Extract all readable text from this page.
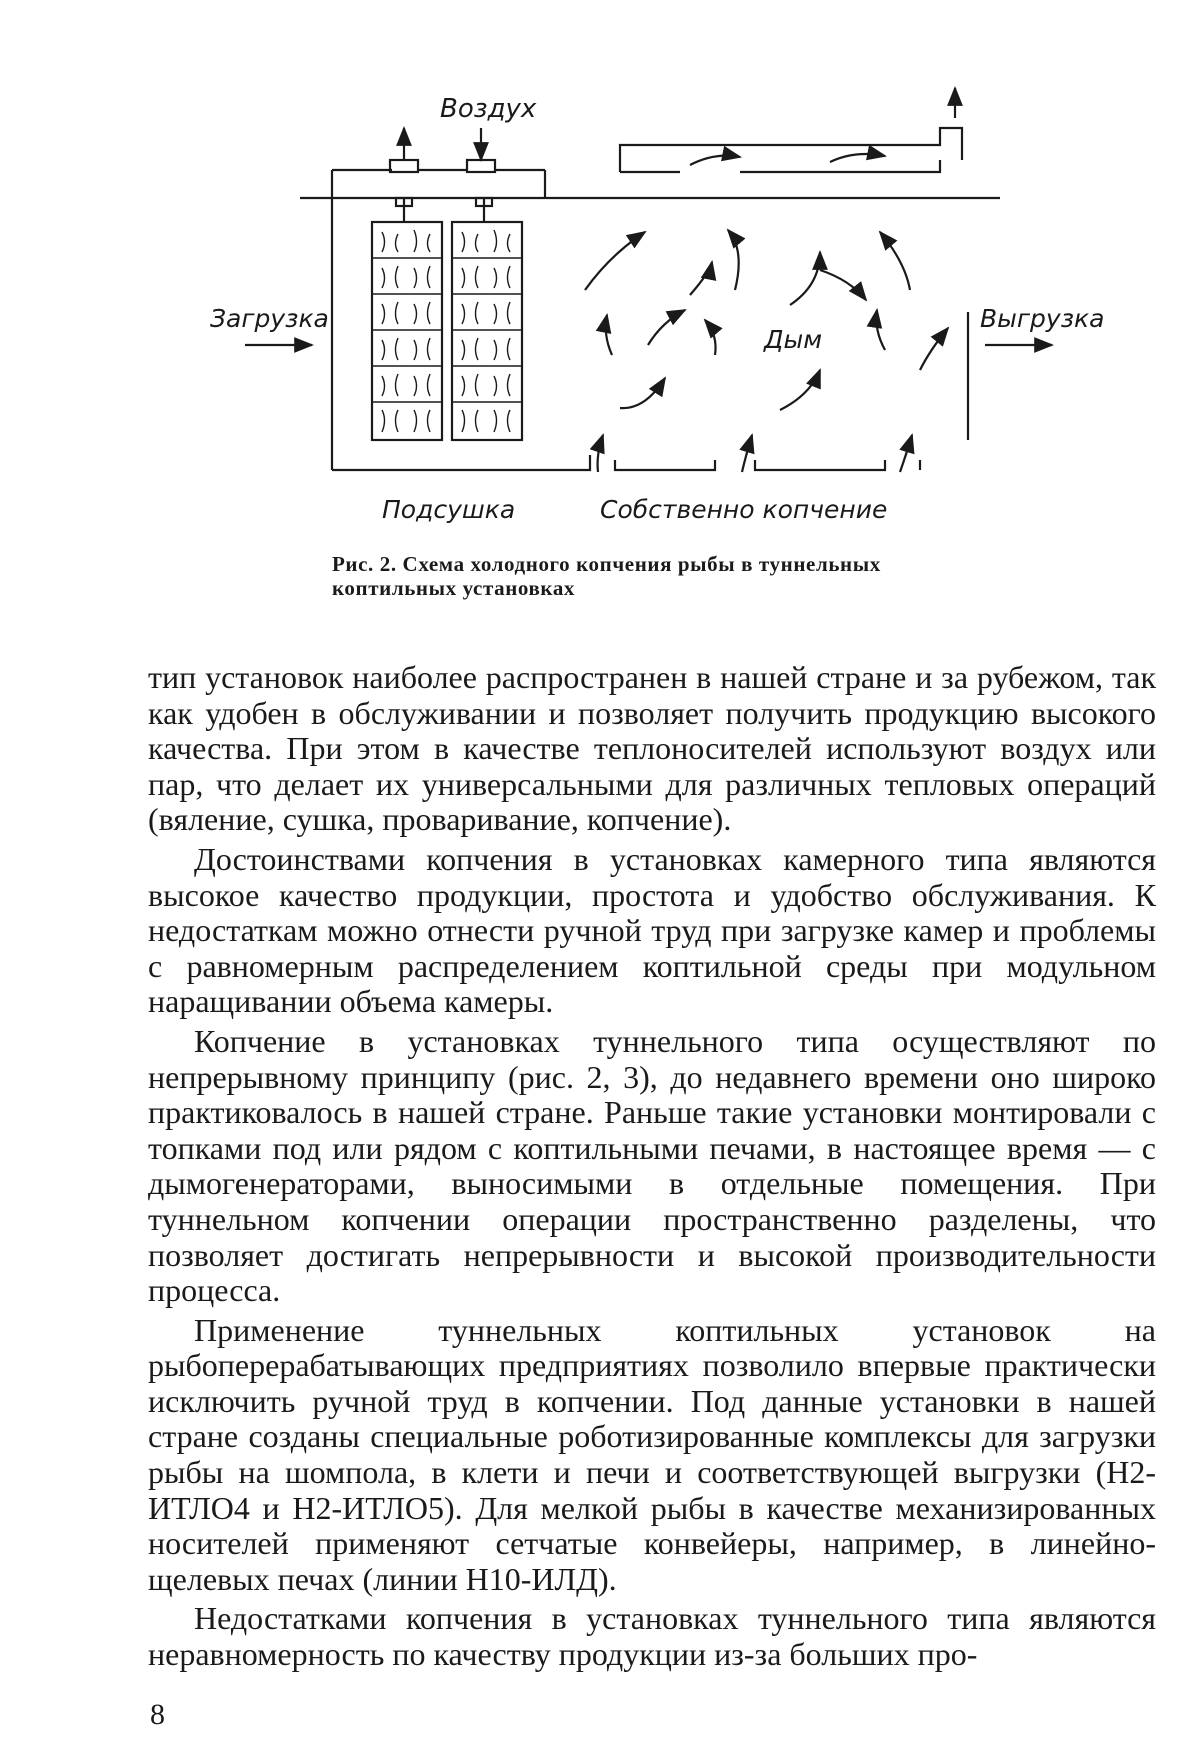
Воздух
Загрузка	Выгрузка
Дым
Подсушка	Собственно копчение
Рис. 2. Схема холодного копчения рыбы в туннельных коптильных установках

тип установок наиболее распространен в нашей стране и за рубежом, так как удобен в обслуживании и позволяет получить продукцию высокого качества. При этом в качестве теплоносителей используют воздух или пар, что делает их универсальными для различных тепловых операций (вяление, сушка, проваривание, копчение).

Достоинствами копчения в установках камерного типа являются высокое качество продукции, простота и удобство обслуживания. К недостаткам можно отнести ручной труд при загрузке камер и проблемы с равномерным распределением коптильной среды при модульном наращивании объема камеры.

Копчение в установках туннельного типа осуществляют по непрерывному принципу (рис. 2, 3), до недавнего времени оно широко практиковалось в нашей стране. Раньше такие установки монтировали с топками под или рядом с коптильными печами, в настоящее время — с дымогенераторами, выносимыми в отдельные помещения. При туннельном копчении операции пространственно разделены, что позволяет достигать непрерывности и высокой производительности процесса.

Применение туннельных коптильных установок на рыбоперерабатывающих предприятиях позволило впервые практически исключить ручной труд в копчении. Под данные установки в нашей стране созданы специальные роботизированные комплексы для загрузки рыбы на шомпола, в клети и печи и соответствующей выгрузки (Н2-ИТЛО4 и Н2-ИТЛО5). Для мелкой рыбы в качестве механизированных носителей применяют сетчатые конвейеры, например, в линейно-щелевых печах (линии Н10-ИЛД).

Недостатками копчения в установках туннельного типа являются неравномерность по качеству продукции из-за больших про-

8
